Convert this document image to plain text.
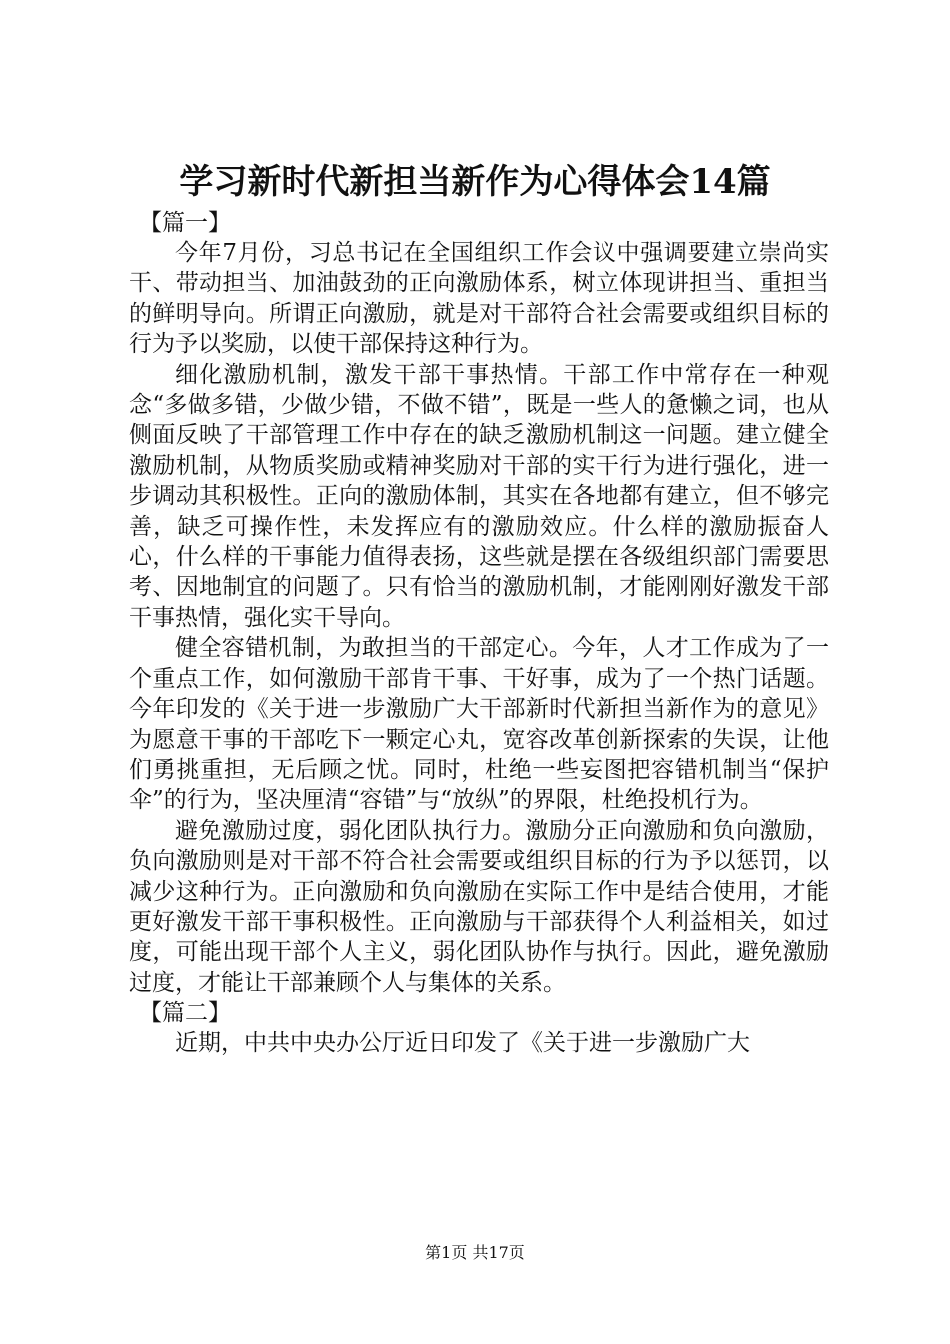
学习新时代新担当新作为心得体会14篇
【篇一】

今年7月份，习总书记在全国组织工作会议中强调要建立崇尚实干、带动担当、加油鼓劲的正向激励体系，树立体现讲担当、重担当的鲜明导向。所谓正向激励，就是对干部符合社会需要或组织目标的行为予以奖励，以使干部保持这种行为。

细化激励机制，激发干部干事热情。干部工作中常存在一种观念“多做多错，少做少错，不做不错”，既是一些人的惫懒之词，也从侧面反映了干部管理工作中存在的缺乏激励机制这一问题。建立健全激励机制，从物质奖励或精神奖励对干部的实干行为进行强化，进一步调动其积极性。正向的激励体制，其实在各地都有建立，但不够完善，缺乏可操作性，未发挥应有的激励效应。什么样的激励振奋人心，什么样的干事能力值得表扬，这些就是摆在各级组织部门需要思考、因地制宜的问题了。只有恰当的激励机制，才能刚刚好激发干部干事热情，强化实干导向。

健全容错机制，为敢担当的干部定心。今年，人才工作成为了一个重点工作，如何激励干部肯干事、干好事，成为了一个热门话题。今年印发的《关于进一步激励广大干部新时代新担当新作为的意见》为愿意干事的干部吃下一颗定心丸，宽容改革创新探索的失误，让他们勇挑重担，无后顾之忧。同时，杜绝一些妄图把容错机制当“保护伞”的行为，坚决厘清“容错”与“放纵”的界限，杜绝投机行为。

避免激励过度，弱化团队执行力。激励分正向激励和负向激励，负向激励则是对干部不符合社会需要或组织目标的行为予以惩罚，以减少这种行为。正向激励和负向激励在实际工作中是结合使用，才能更好激发干部干事积极性。正向激励与干部获得个人利益相关，如过度，可能出现干部个人主义，弱化团队协作与执行。因此，避免激励过度，才能让干部兼顾个人与集体的关系。

【篇二】

近期，中共中央办公厅近日印发了《关于进一步激励广大

第1页 共17页
